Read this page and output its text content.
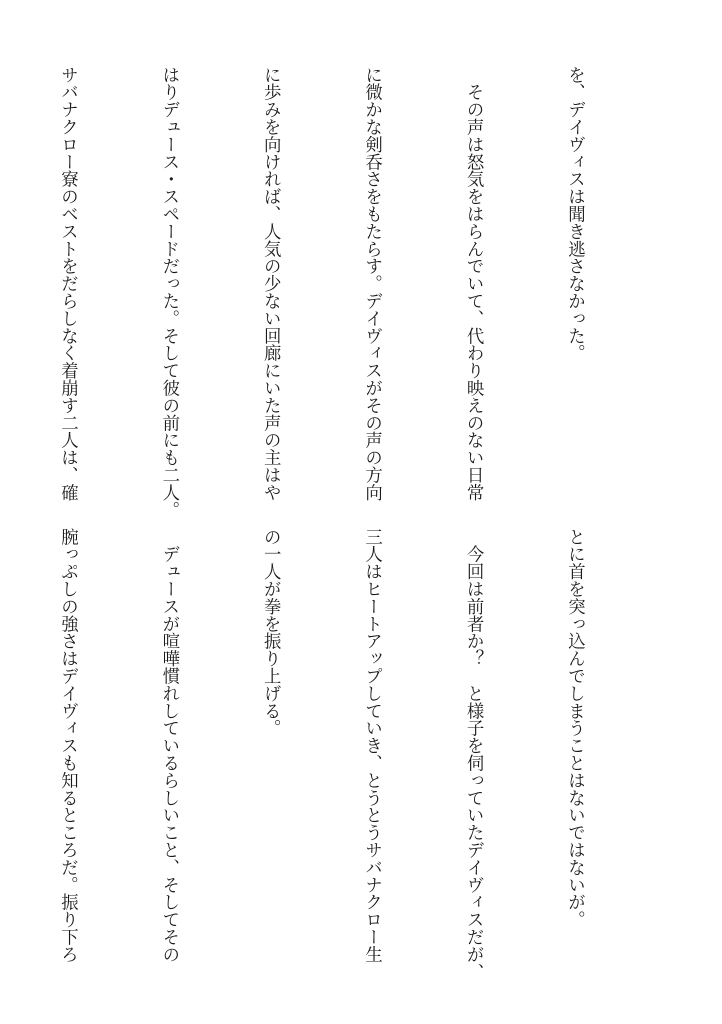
を、デイヴィスは聞き逃さなかった。

　その声は怒気をはらんでいて、代わり映えのない日常

に微かな剣呑さをもたらす。デイヴィスがその声の方向

に歩みを向ければ、人気の少ない回廊にいた声の主はや

はりデュース・スペードだった。そして彼の前にも二人。

サバナクロー寮のベストをだらしなく着崩す二人は、確

とに首を突っ込んでしまうことはないではないが。

　今回は前者か？　と様子を伺っていたデイヴィスだが、

三人はヒートアップしていき、とうとうサバナクロー生

の一人が拳を振り上げる。

　デュースが喧嘩慣れしているらしいこと、そしてその

腕っぷしの強さはデイヴィスも知るところだ。振り下ろ
